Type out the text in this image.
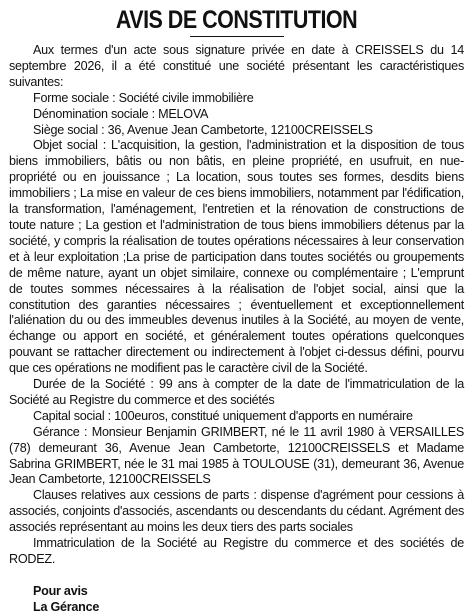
AVIS DE CONSTITUTION

Aux termes d'un acte sous signature privée en date à CREISSELS du 14 septembre 2026, il a été constitué une société présentant les caractéristiques suivantes:

Forme sociale : Société civile immobilière

Dénomination sociale : MELOVA

Siège social : 36, Avenue Jean Cambetorte, 12100CREISSELS

Objet social : L'acquisition, la gestion, l'administration et la disposition de tous biens immobiliers, bâtis ou non bâtis, en pleine propriété, en usufruit, en nue-propriété ou en jouissance ; La location, sous toutes ses formes, desdits biens immobiliers ; La mise en valeur de ces biens immobiliers, notamment par l'édification, la transformation, l'aménagement, l'entretien et la rénovation de constructions de toute nature ; La gestion et l'administration de tous biens immobiliers détenus par la société, y compris la réalisation de toutes opérations nécessaires à leur conservation et à leur exploitation ;La prise de participation dans toutes sociétés ou groupements de même nature, ayant un objet similaire, connexe ou complémentaire ; L'emprunt de toutes sommes nécessaires à la réalisation de l'objet social, ainsi que la constitution des garanties nécessaires ; éventuellement et exceptionnellement l'aliénation du ou des immeubles devenus inutiles à la Société, au moyen de vente, échange ou apport en société, et généralement toutes opérations quelconques pouvant se rattacher directement ou indirectement à l'objet ci-dessus défini, pourvu que ces opérations ne modifient pas le caractère civil de la Société.

Durée de la Société : 99 ans à compter de la date de l'immatriculation de la Société au Registre du commerce et des sociétés

Capital social : 100euros, constitué uniquement d'apports en numéraire

Gérance : Monsieur Benjamin GRIMBERT, né le 11 avril 1980 à VERSAILLES (78) demeurant 36, Avenue Jean Cambetorte, 12100CREISSELS et Madame Sabrina GRIMBERT, née le 31 mai 1985 à TOULOUSE (31), demeurant 36, Avenue Jean Cambetorte, 12100CREISSELS

Clauses relatives aux cessions de parts : dispense d'agrément pour cessions à associés, conjoints d'associés, ascendants ou descendants du cédant. Agrément des associés représentant au moins les deux tiers des parts sociales

Immatriculation de la Société au Registre du commerce et des sociétés de RODEZ.

Pour avis

La Gérance
